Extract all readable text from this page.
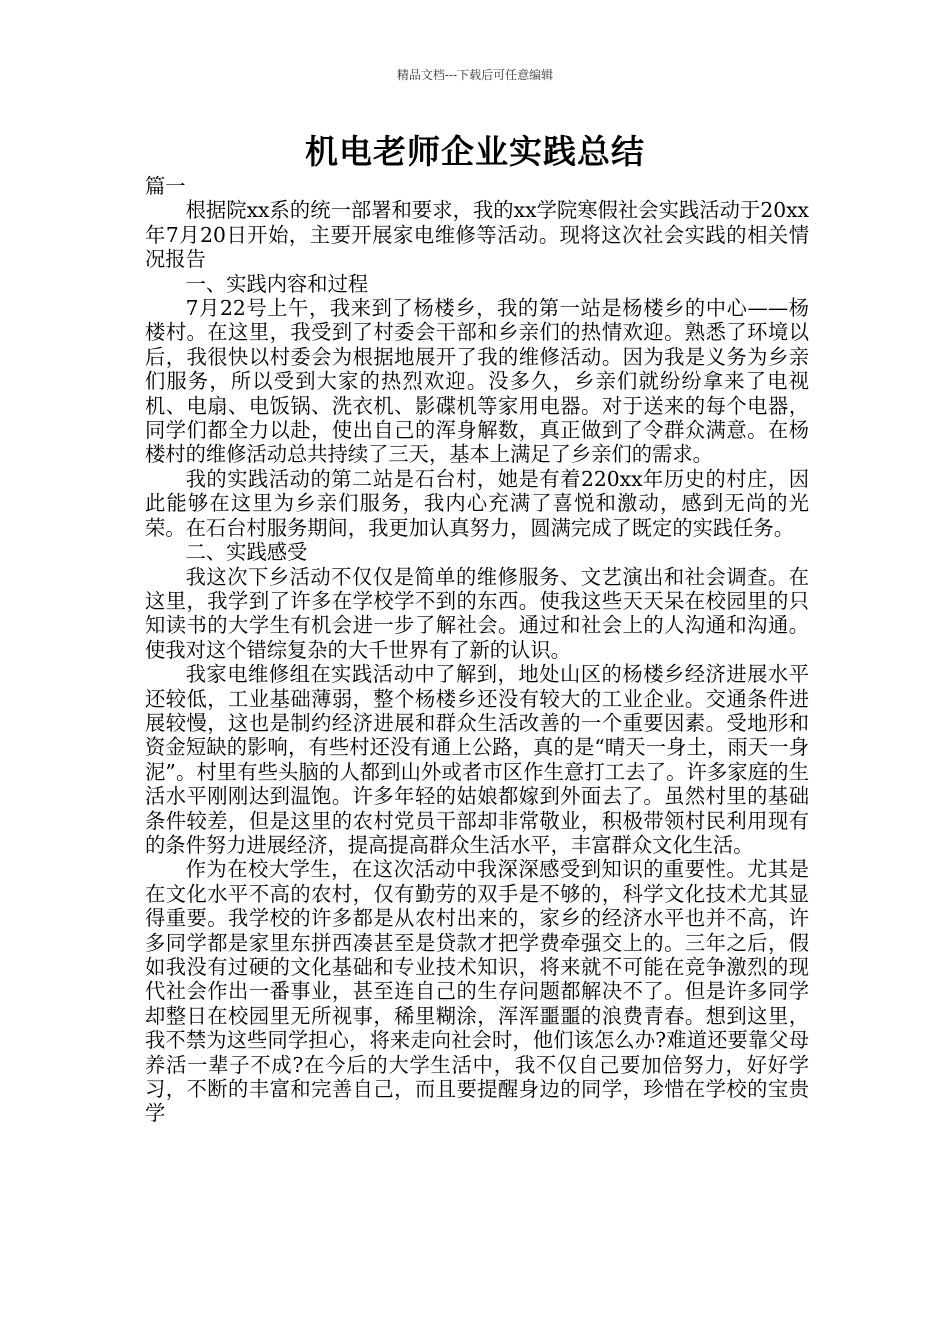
精品文档---下载后可任意编辑
机电老师企业实践总结

篇一

根据院xx系的统一部署和要求，我的xx学院寒假社会实践活动于20xx年7月20日开始，主要开展家电维修等活动。现将这次社会实践的相关情况报告

一、实践内容和过程

7月22号上午，我来到了杨楼乡，我的第一站是杨楼乡的中心——杨楼村。在这里，我受到了村委会干部和乡亲们的热情欢迎。熟悉了环境以后，我很快以村委会为根据地展开了我的维修活动。因为我是义务为乡亲们服务，所以受到大家的热烈欢迎。没多久，乡亲们就纷纷拿来了电视机、电扇、电饭锅、洗衣机、影碟机等家用电器。对于送来的每个电器，同学们都全力以赴，使出自己的浑身解数，真正做到了令群众满意。在杨楼村的维修活动总共持续了三天，基本上满足了乡亲们的需求。

我的实践活动的第二站是石台村，她是有着220xx年历史的村庄，因此能够在这里为乡亲们服务，我内心充满了喜悦和激动，感到无尚的光荣。在石台村服务期间，我更加认真努力，圆满完成了既定的实践任务。

二、实践感受

我这次下乡活动不仅仅是简单的维修服务、文艺演出和社会调查。在这里，我学到了许多在学校学不到的东西。使我这些天天呆在校园里的只知读书的大学生有机会进一步了解社会。通过和社会上的人沟通和沟通。使我对这个错综复杂的大千世界有了新的认识。

我家电维修组在实践活动中了解到，地处山区的杨楼乡经济进展水平还较低，工业基础薄弱，整个杨楼乡还没有较大的工业企业。交通条件进展较慢，这也是制约经济进展和群众生活改善的一个重要因素。受地形和资金短缺的影响，有些村还没有通上公路，真的是“晴天一身土，雨天一身泥”。村里有些头脑的人都到山外或者市区作生意打工去了。许多家庭的生活水平刚刚达到温饱。许多年轻的姑娘都嫁到外面去了。虽然村里的基础条件较差，但是这里的农村党员干部却非常敬业，积极带领村民利用现有的条件努力进展经济，提高提高群众生活水平，丰富群众文化生活。

作为在校大学生，在这次活动中我深深感受到知识的重要性。尤其是在文化水平不高的农村，仅有勤劳的双手是不够的，科学文化技术尤其显得重要。我学校的许多都是从农村出来的，家乡的经济水平也并不高，许多同学都是家里东拼西凑甚至是贷款才把学费牵强交上的。三年之后，假如我没有过硬的文化基础和专业技术知识，将来就不可能在竞争激烈的现代社会作出一番事业，甚至连自己的生存问题都解决不了。但是许多同学却整日在校园里无所视事，稀里糊涂，浑浑噩噩的浪费青春。想到这里，我不禁为这些同学担心，将来走向社会时，他们该怎么办?难道还要靠父母养活一辈子不成?在今后的大学生活中，我不仅自己要加倍努力，好好学习，不断的丰富和完善自己，而且要提醒身边的同学，珍惜在学校的宝贵学
